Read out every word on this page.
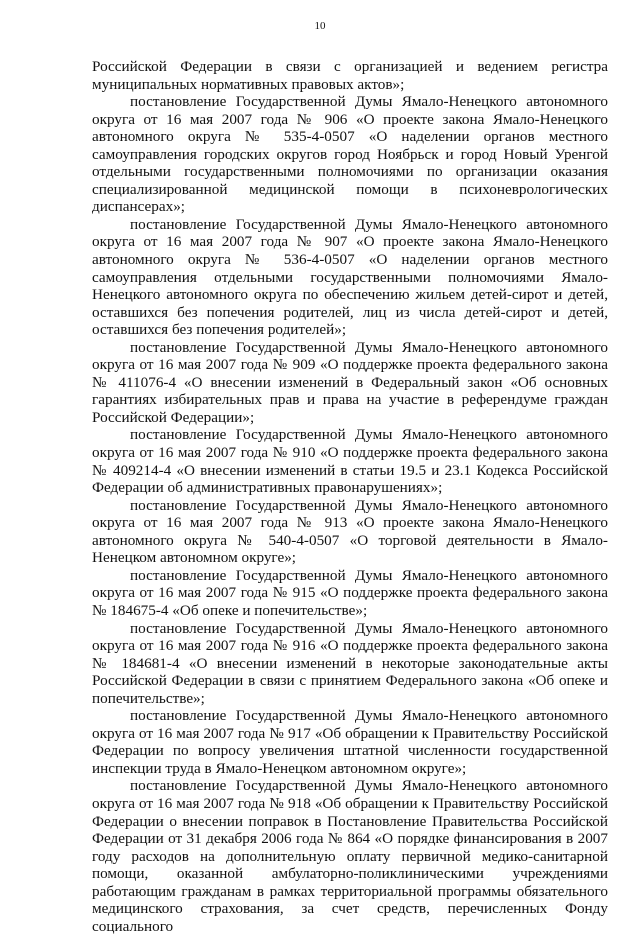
10

Российской Федерации в связи с организацией и ведением регистра муниципальных нормативных правовых актов»;

постановление Государственной Думы Ямало-Ненецкого автономного округа от 16 мая 2007 года № 906 «О проекте закона Ямало-Ненецкого автономного округа № 535-4-0507 «О наделении органов местного самоуправления городских округов город Ноябрьск и город Новый Уренгой отдельными государственными полномочиями по организации оказания специализированной медицинской помощи в психоневрологических диспансерах»;

постановление Государственной Думы Ямало-Ненецкого автономного округа от 16 мая 2007 года № 907 «О проекте закона Ямало-Ненецкого автономного округа № 536-4-0507 «О наделении органов местного самоуправления отдельными государственными полномочиями Ямало-Ненецкого автономного округа по обеспечению жильем детей-сирот и детей, оставшихся без попечения родителей, лиц из числа детей-сирот и детей, оставшихся без попечения родителей»;

постановление Государственной Думы Ямало-Ненецкого автономного округа от 16 мая 2007 года № 909 «О поддержке проекта федерального закона № 411076-4 «О внесении изменений в Федеральный закон «Об основных гарантиях избирательных прав и права на участие в референдуме граждан Российской Федерации»;

постановление Государственной Думы Ямало-Ненецкого автономного округа от 16 мая 2007 года № 910 «О поддержке проекта федерального закона № 409214-4 «О внесении изменений в статьи 19.5 и 23.1 Кодекса Российской Федерации об административных правонарушениях»;

постановление Государственной Думы Ямало-Ненецкого автономного округа от 16 мая 2007 года № 913 «О проекте закона Ямало-Ненецкого автономного округа № 540-4-0507 «О торговой деятельности в Ямало-Ненецком автономном округе»;

постановление Государственной Думы Ямало-Ненецкого автономного округа от 16 мая 2007 года № 915 «О поддержке проекта федерального закона № 184675-4 «Об опеке и попечительстве»;

постановление Государственной Думы Ямало-Ненецкого автономного округа от 16 мая 2007 года № 916 «О поддержке проекта федерального закона № 184681-4 «О внесении изменений в некоторые законодательные акты Российской Федерации в связи с принятием Федерального закона «Об опеке и попечительстве»;

постановление Государственной Думы Ямало-Ненецкого автономного округа от 16 мая 2007 года № 917 «Об обращении к Правительству Российской Федерации по вопросу увеличения штатной численности государственной инспекции труда в Ямало-Ненецком автономном округе»;

постановление Государственной Думы Ямало-Ненецкого автономного округа от 16 мая 2007 года № 918 «Об обращении к Правительству Российской Федерации о внесении поправок в Постановление Правительства Российской Федерации от 31 декабря 2006 года № 864 «О порядке финансирования в 2007 году расходов на дополнительную оплату первичной медико-санитарной помощи, оказанной амбулаторно-поликлиническими учреждениями работающим гражданам в рамках территориальной программы обязательного медицинского страхования, за счет средств, перечисленных Фонду социального
